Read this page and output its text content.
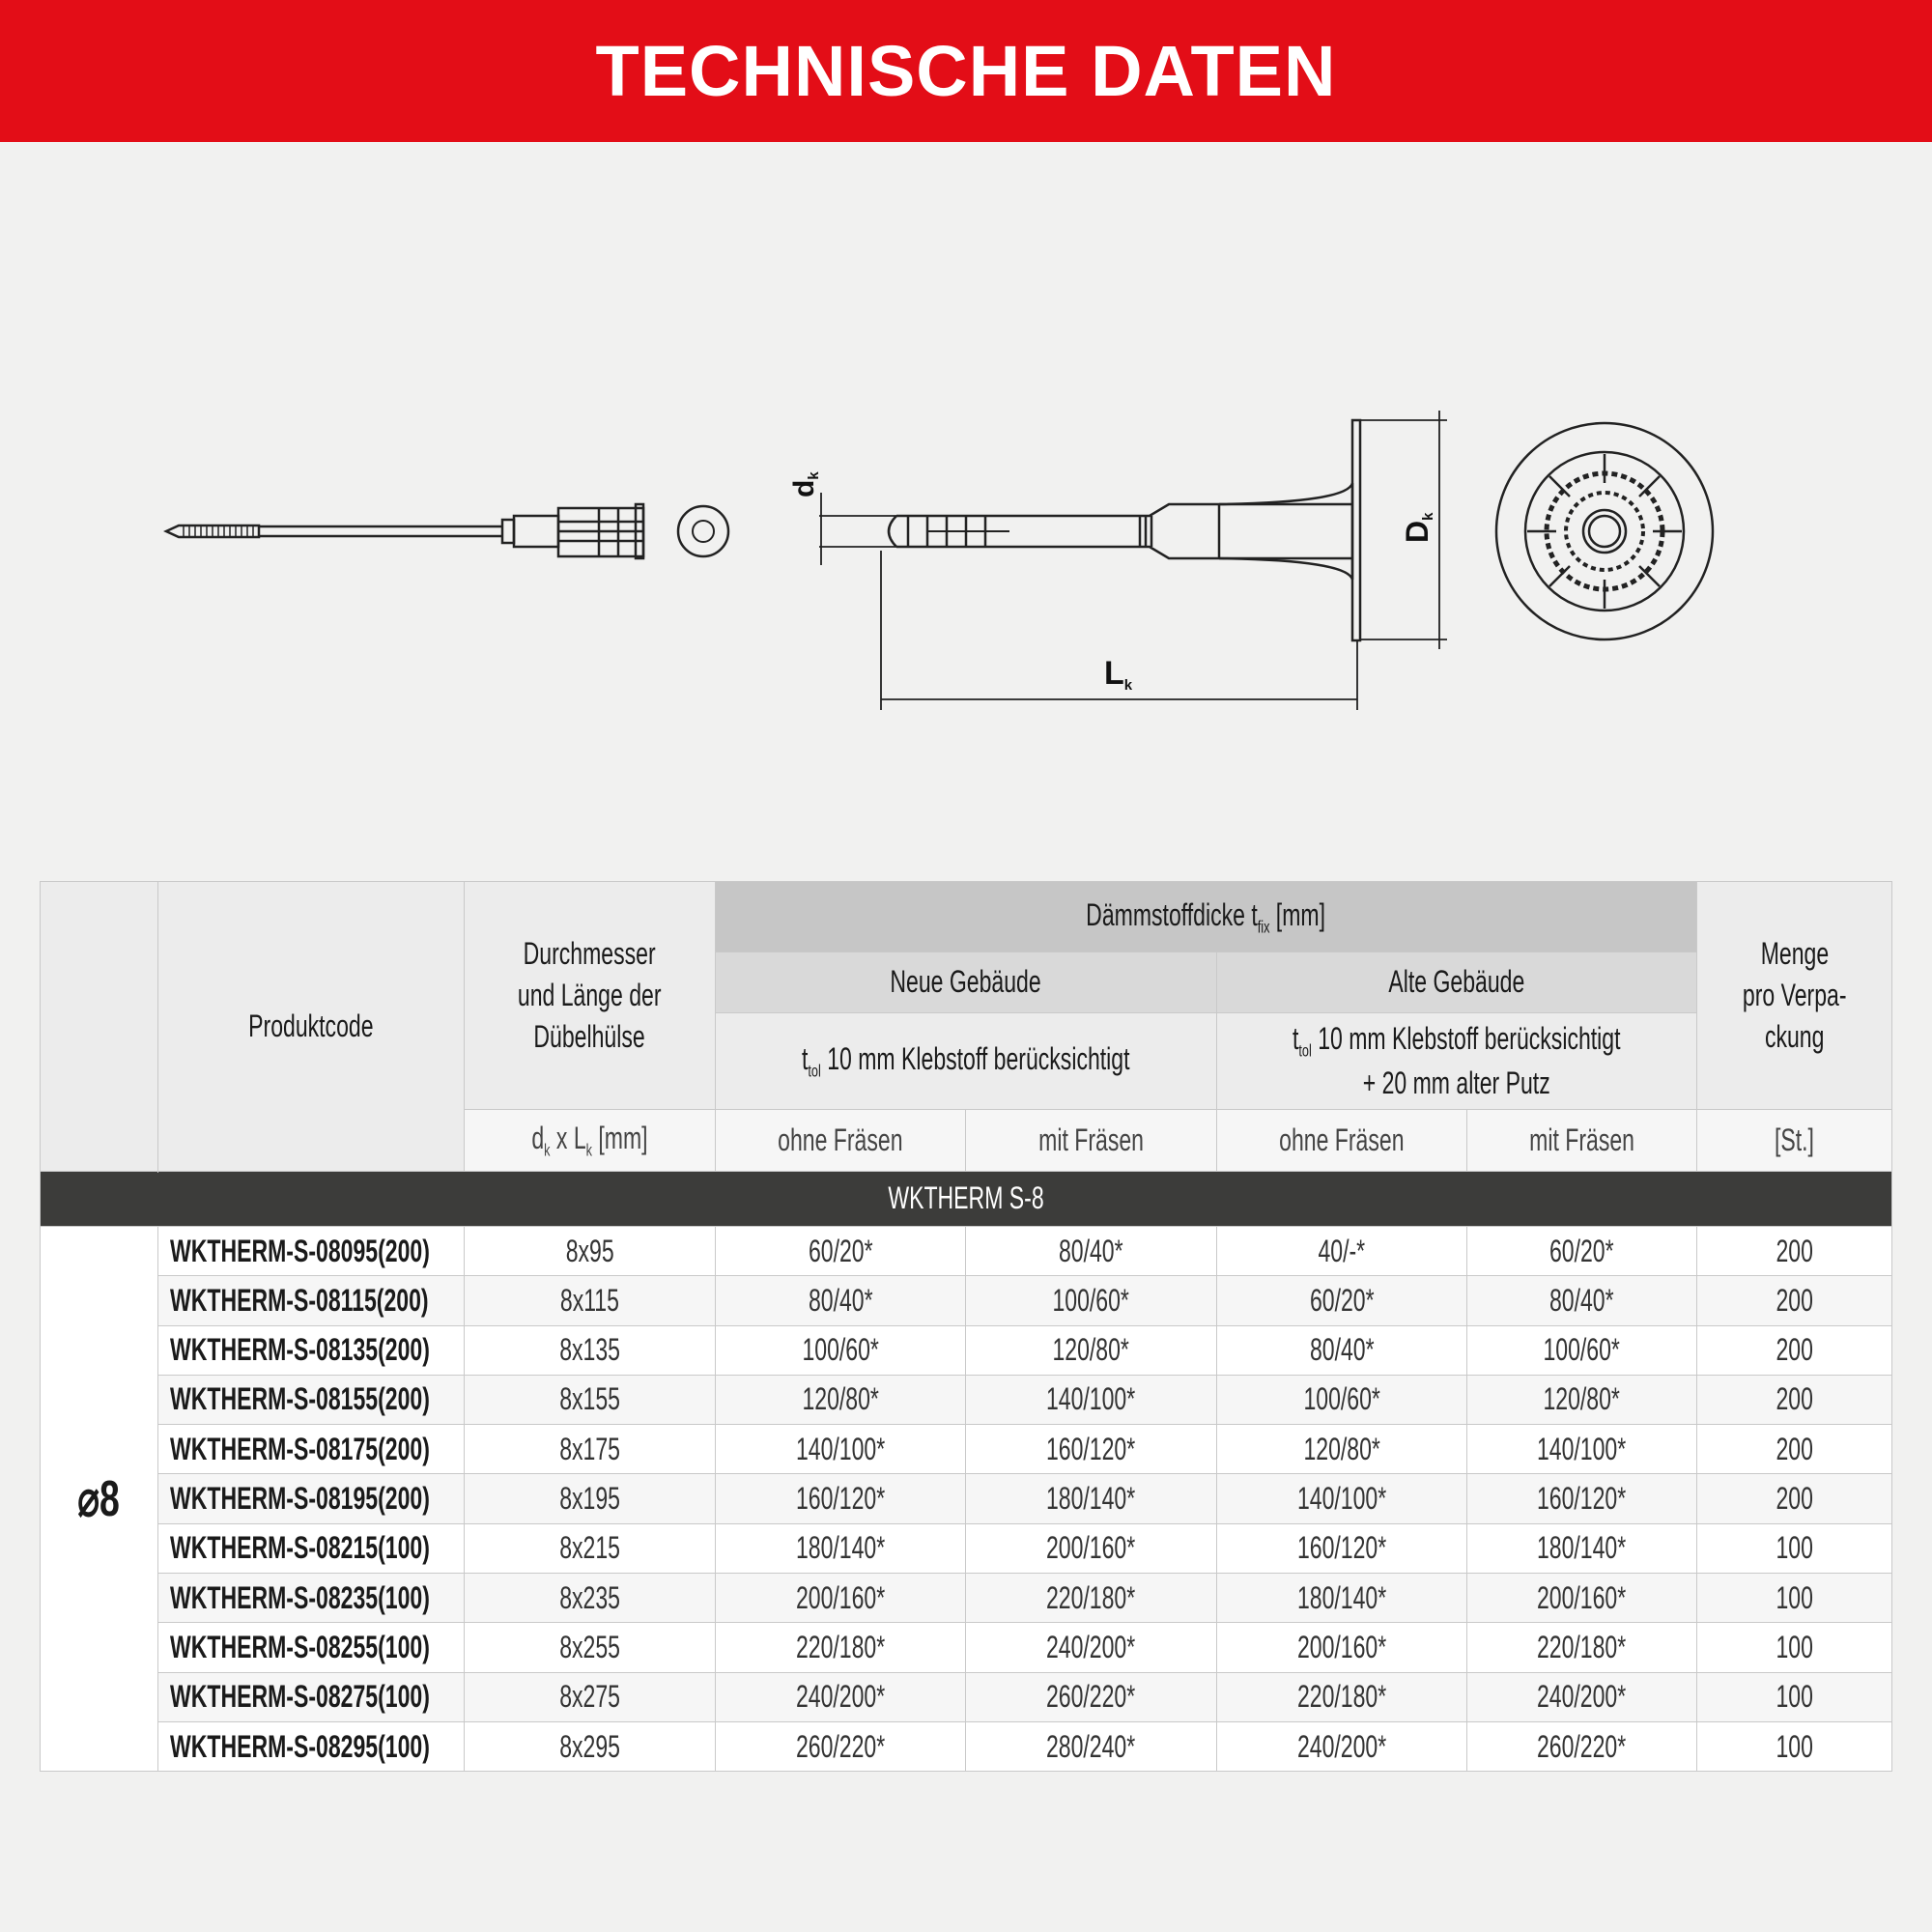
TECHNISCHE DATEN
dk
Dk
Lk
	Produktcode	Durchmesser
und Länge der
Dübelhülse	Dämmstoffdicke $t_{fix}$ [mm]				Menge
pro Verpa-
ckung
			Neue Gebäude		Alte Gebäude		
			$t_{tol}$ 10 mm Klebstoff berücksichtigt		$t_{tol}$ 10 mm Klebstoff berücksichtigt
+ 20 mm alter Putz		
		$d_k$ x $L_k$ [mm]	ohne Fräsen	mit Fräsen	ohne Fräsen	mit Fräsen	[St.]

WKTHERM S-8							
⌀8	WKTHERM-S-08095(200)	8x95	60/20*	80/40*	40/-*	60/20*	200
	WKTHERM-S-08115(200)	8x115	80/40*	100/60*	60/20*	80/40*	200
	WKTHERM-S-08135(200)	8x135	100/60*	120/80*	80/40*	100/60*	200
	WKTHERM-S-08155(200)	8x155	120/80*	140/100*	100/60*	120/80*	200
	WKTHERM-S-08175(200)	8x175	140/100*	160/120*	120/80*	140/100*	200
	WKTHERM-S-08195(200)	8x195	160/120*	180/140*	140/100*	160/120*	200
	WKTHERM-S-08215(100)	8x215	180/140*	200/160*	160/120*	180/140*	100
	WKTHERM-S-08235(100)	8x235	200/160*	220/180*	180/140*	200/160*	100
	WKTHERM-S-08255(100)	8x255	220/180*	240/200*	200/160*	220/180*	100
	WKTHERM-S-08275(100)	8x275	240/200*	260/220*	220/180*	240/200*	100
	WKTHERM-S-08295(100)	8x295	260/220*	280/240*	240/200*	260/220*	100
